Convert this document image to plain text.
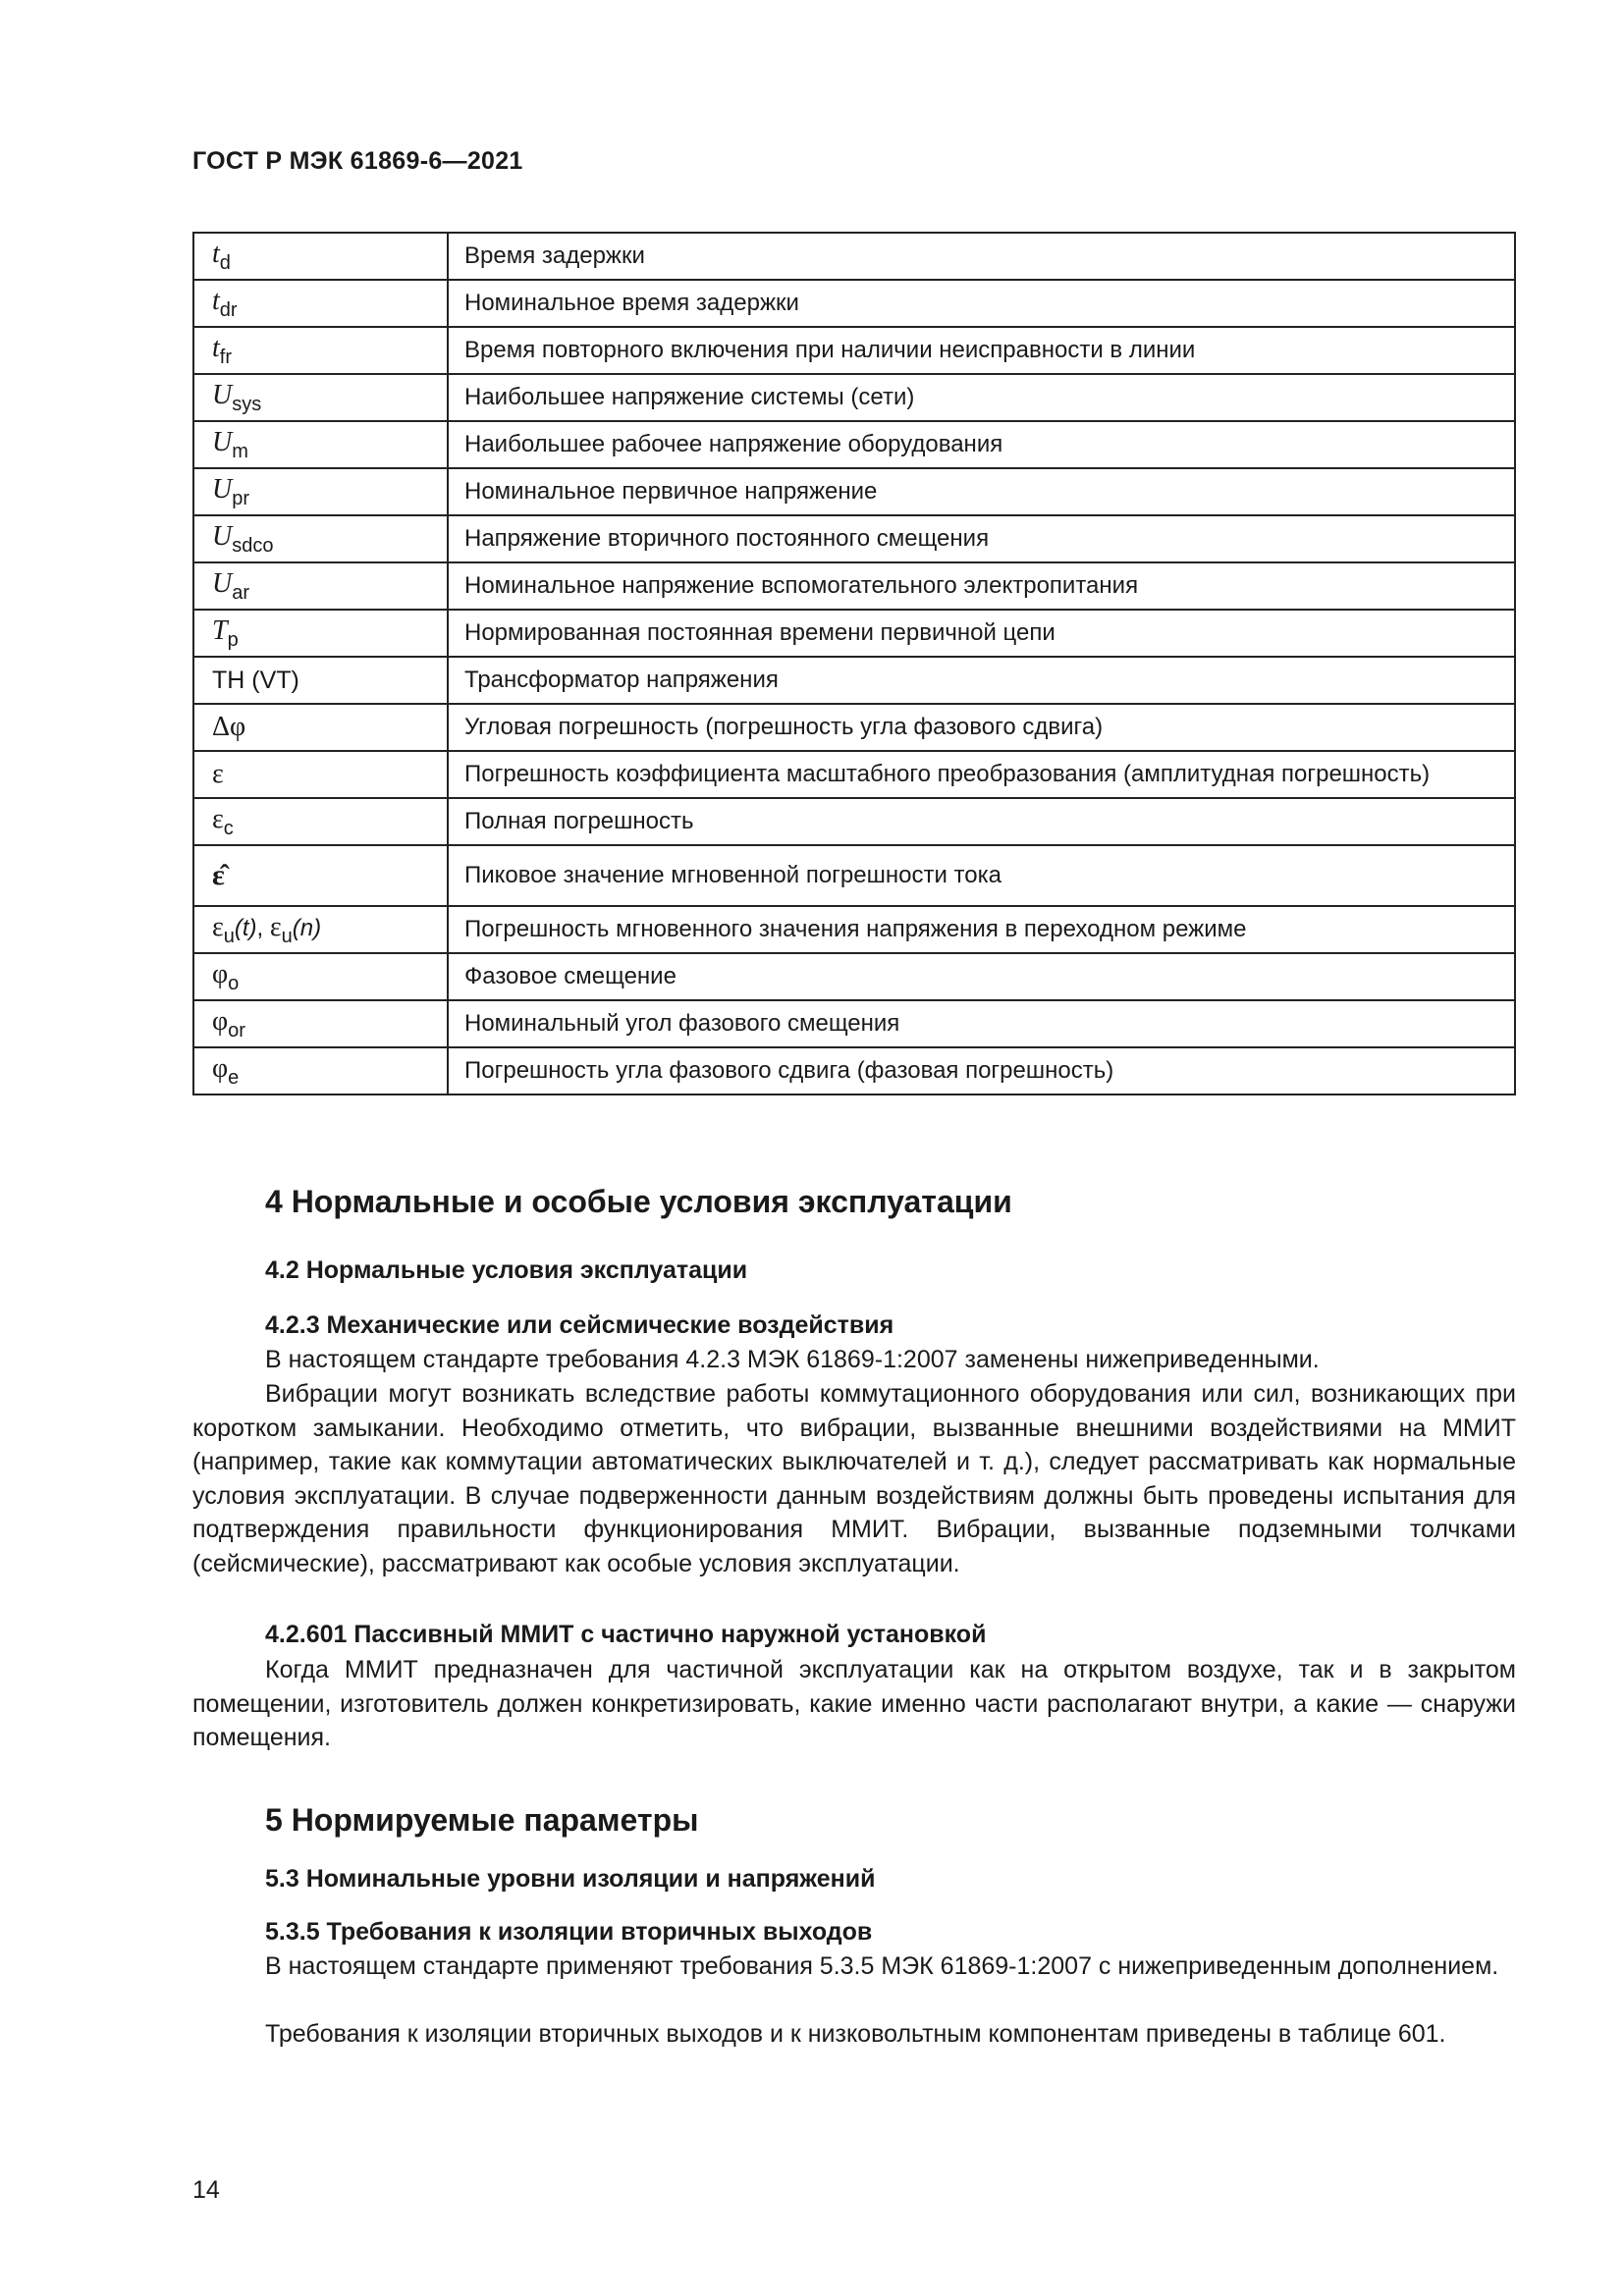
ГОСТ Р МЭК 61869-6—2021
$t_d$	Время задержки
$t_{dr}$	Номинальное время задержки
$t_{fr}$	Время повторного включения при наличии неисправности в линии
$U_{sys}$	Наибольшее напряжение системы (сети)
$U_m$	Наибольшее рабочее напряжение оборудования
$U_{pr}$	Номинальное первичное напряжение
$U_{sdco}$	Напряжение вторичного постоянного смещения
$U_{ar}$	Номинальное напряжение вспомогательного электропитания
$T_p$	Нормированная постоянная времени первичной цепи
ТН (VT)	Трансформатор напряжения
Δφ	Угловая погрешность (погрешность угла фазового сдвига)
ε	Погрешность коэффициента масштабного преобразования (амплитудная погрешность)
$\varepsilon_c$	Полная погрешность
ε̂	Пиковое значение мгновенной погрешности тока
$\varepsilon_u(t)$, $\varepsilon_u(n)$	Погрешность мгновенного значения напряжения в переходном режиме
$\varphi_o$	Фазовое смещение
$\varphi_{or}$	Номинальный угол фазового смещения
$\varphi_e$	Погрешность угла фазового сдвига (фазовая погрешность)
4 Нормальные и особые условия эксплуатации
4.2 Нормальные условия эксплуатации
4.2.3 Механические или сейсмические воздействия

В настоящем стандарте требования 4.2.3 МЭК 61869-1:2007 заменены нижеприведенными.

Вибрации могут возникать вследствие работы коммутационного оборудования или сил, возникающих при коротком замыкании. Необходимо отметить, что вибрации, вызванные внешними воздействиями на ММИТ (например, такие как коммутации автоматических выключателей и т. д.), следует рассматривать как нормальные условия эксплуатации. В случае подверженности данным воздействиям должны быть проведены испытания для подтверждения правильности функционирования ММИТ. Вибрации, вызванные подземными толчками (сейсмические), рассматривают как особые условия эксплуатации.

4.2.601 Пассивный ММИТ с частично наружной установкой

Когда ММИТ предназначен для частичной эксплуатации как на открытом воздухе, так и в закрытом помещении, изготовитель должен конкретизировать, какие именно части располагают внутри, а какие — снаружи помещения.

5 Нормируемые параметры
5.3 Номинальные уровни изоляции и напряжений
5.3.5 Требования к изоляции вторичных выходов

В настоящем стандарте применяют требования 5.3.5 МЭК 61869-1:2007 с нижеприведенным дополнением.

Требования к изоляции вторичных выходов и к низковольтным компонентам приведены в таблице 601.

14
